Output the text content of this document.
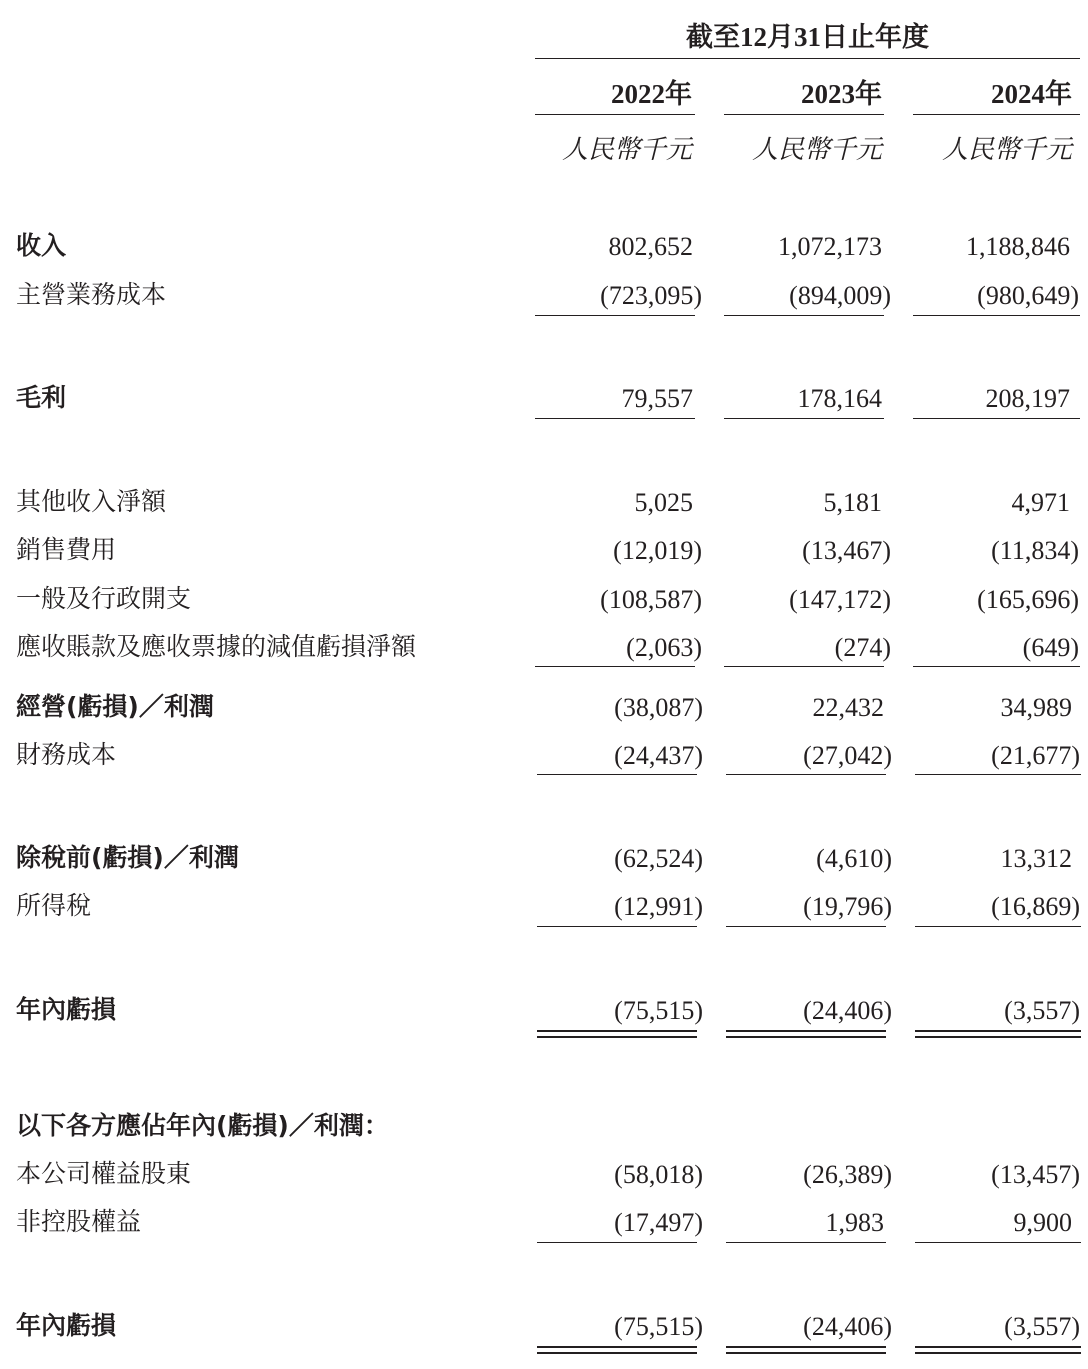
截至12月31日止年度
2022年	2023年	2024年
人民幣千元	人民幣千元	人民幣千元
收入	802,652	1,072,173	1,188,846
主營業務成本	(723,095)	(894,009)	(980,649)
毛利	79,557	178,164	208,197
其他收入淨額	5,025	5,181	4,971
銷售費用	(12,019)	(13,467)	(11,834)
一般及行政開支	(108,587)	(147,172)	(165,696)
應收賬款及應收票據的減值虧損淨額	(2,063)	(274)	(649)
經營(虧損)／利潤	(38,087)	22,432	34,989
財務成本	(24,437)	(27,042)	(21,677)
除稅前(虧損)／利潤	(62,524)	(4,610)	13,312
所得稅	(12,991)	(19,796)	(16,869)
年內虧損	(75,515)	(24,406)	(3,557)
以下各方應佔年內(虧損)／利潤：
本公司權益股東	(58,018)	(26,389)	(13,457)
非控股權益	(17,497)	1,983	9,900
年內虧損	(75,515)	(24,406)	(3,557)
